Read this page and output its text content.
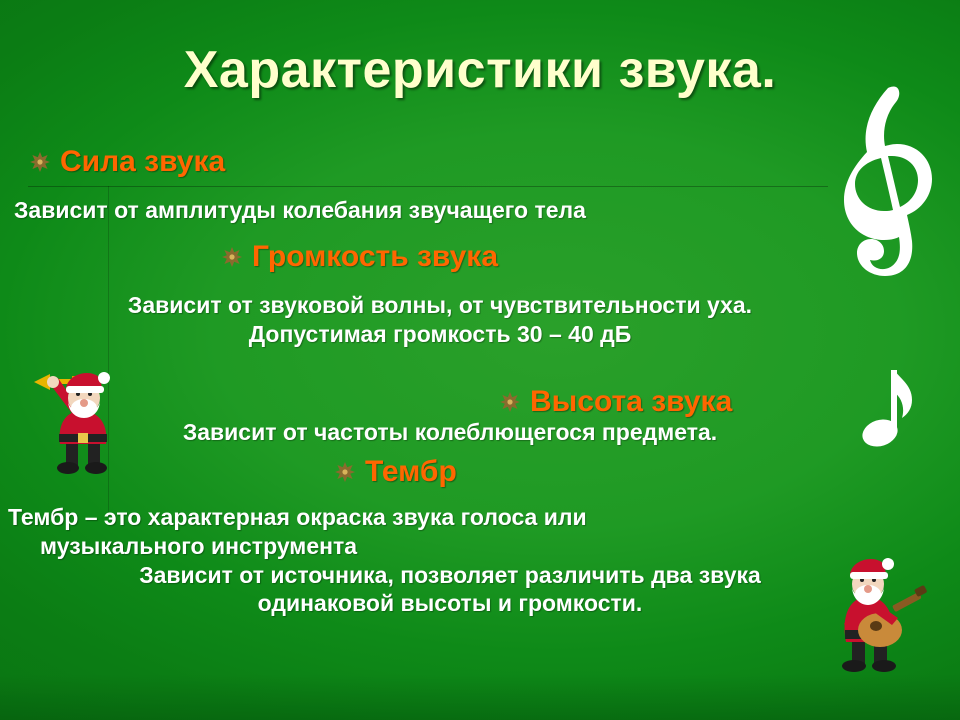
Характеристики звука.
Сила звука
Зависит от амплитуды колебания звучащего тела
Громкость звука
Зависит от звуковой волны, от чувствительности уха.
Допустимая громкость 30 – 40 дБ
Высота звука
Зависит от частоты колеблющегося предмета.
Тембр
Тембр – это характерная окраска звука голоса или
музыкального инструмента
Зависит от источника, позволяет различить два звука
одинаковой высоты и громкости.
